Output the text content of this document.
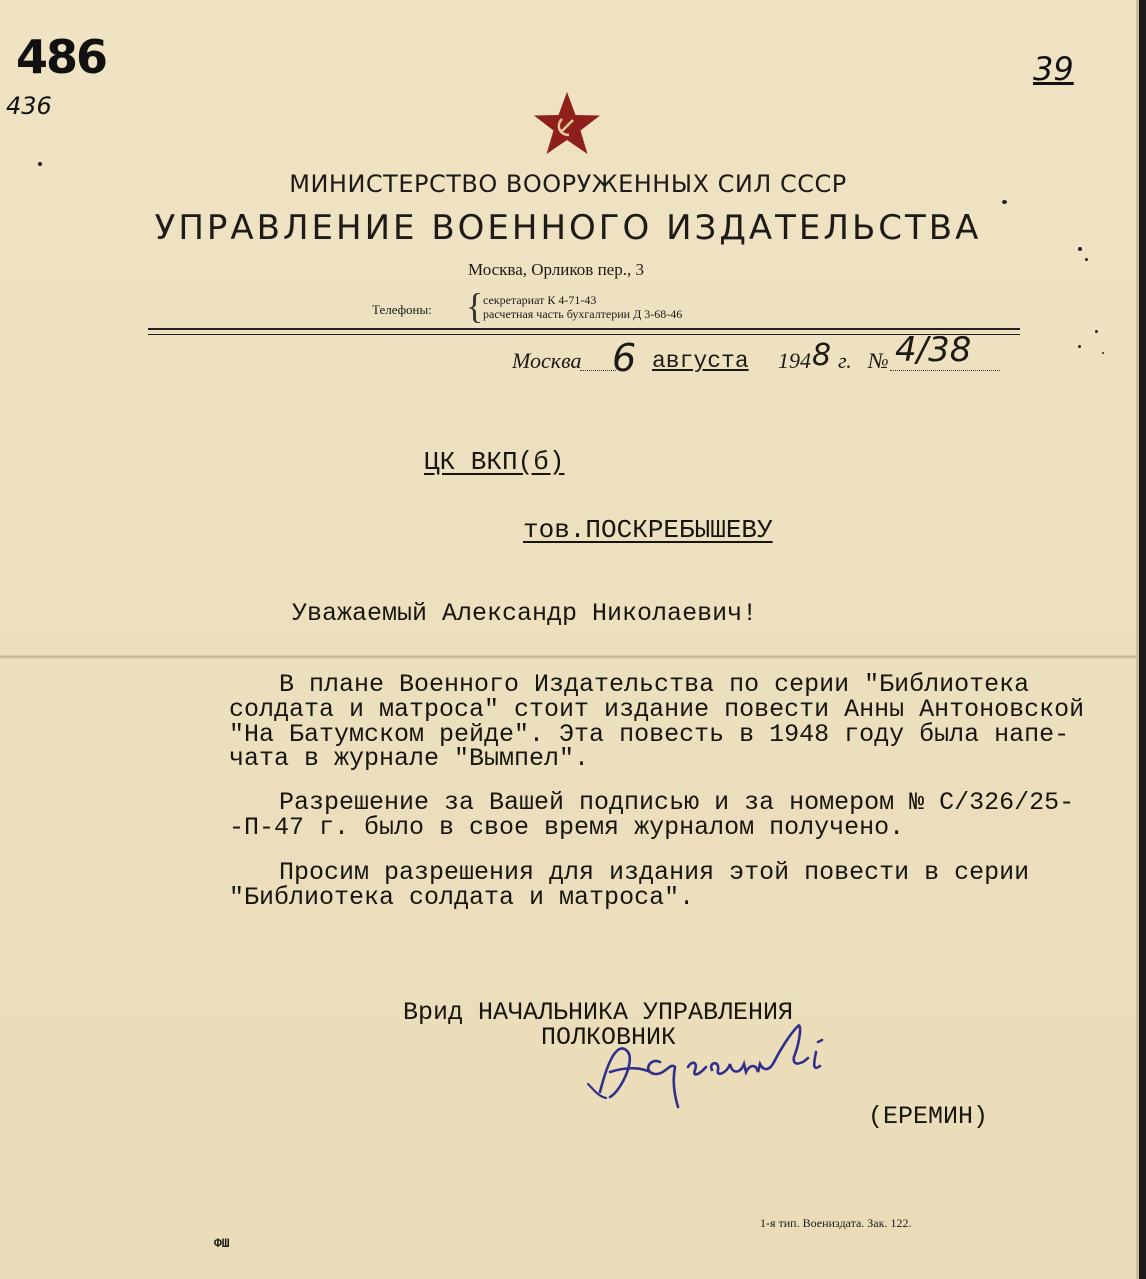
486
436
39
МИНИСТЕРСТВО ВООРУЖЕННЫХ СИЛ СССР
УПРАВЛЕНИЕ ВОЕННОГО ИЗДАТЕЛЬСТВА
Москва, Орликов пер., 3
Телефоны: { секретариат К 4-71-43
расчетная часть бухгалтерии Д 3-68-46
Москва 6 августа 194 8 г. № 4/38
ЦК ВКП(б)
тов.ПОСКРЕБЫШЕВУ
Уважаемый Александр Николаевич!
В плане Военного Издательства по серии "Библиотека
солдата и матроса" стоит издание повести Анны Антоновской
"На Батумском рейде". Эта повесть в 1948 году была напе-
чата в журнале "Вымпел".
Разрешение за Вашей подписью и за номером № С/326/25-
-П-47 г. было в свое время журналом получено.
Просим разрешения для издания этой повести в серии
"Библиотека солдата и матроса".
Врид НАЧАЛЬНИКА УПРАВЛЕНИЯ
ПОЛКОВНИК
(ЕРЕМИН)
1-я тип. Воениздата. Зак. 122.
ФШ
